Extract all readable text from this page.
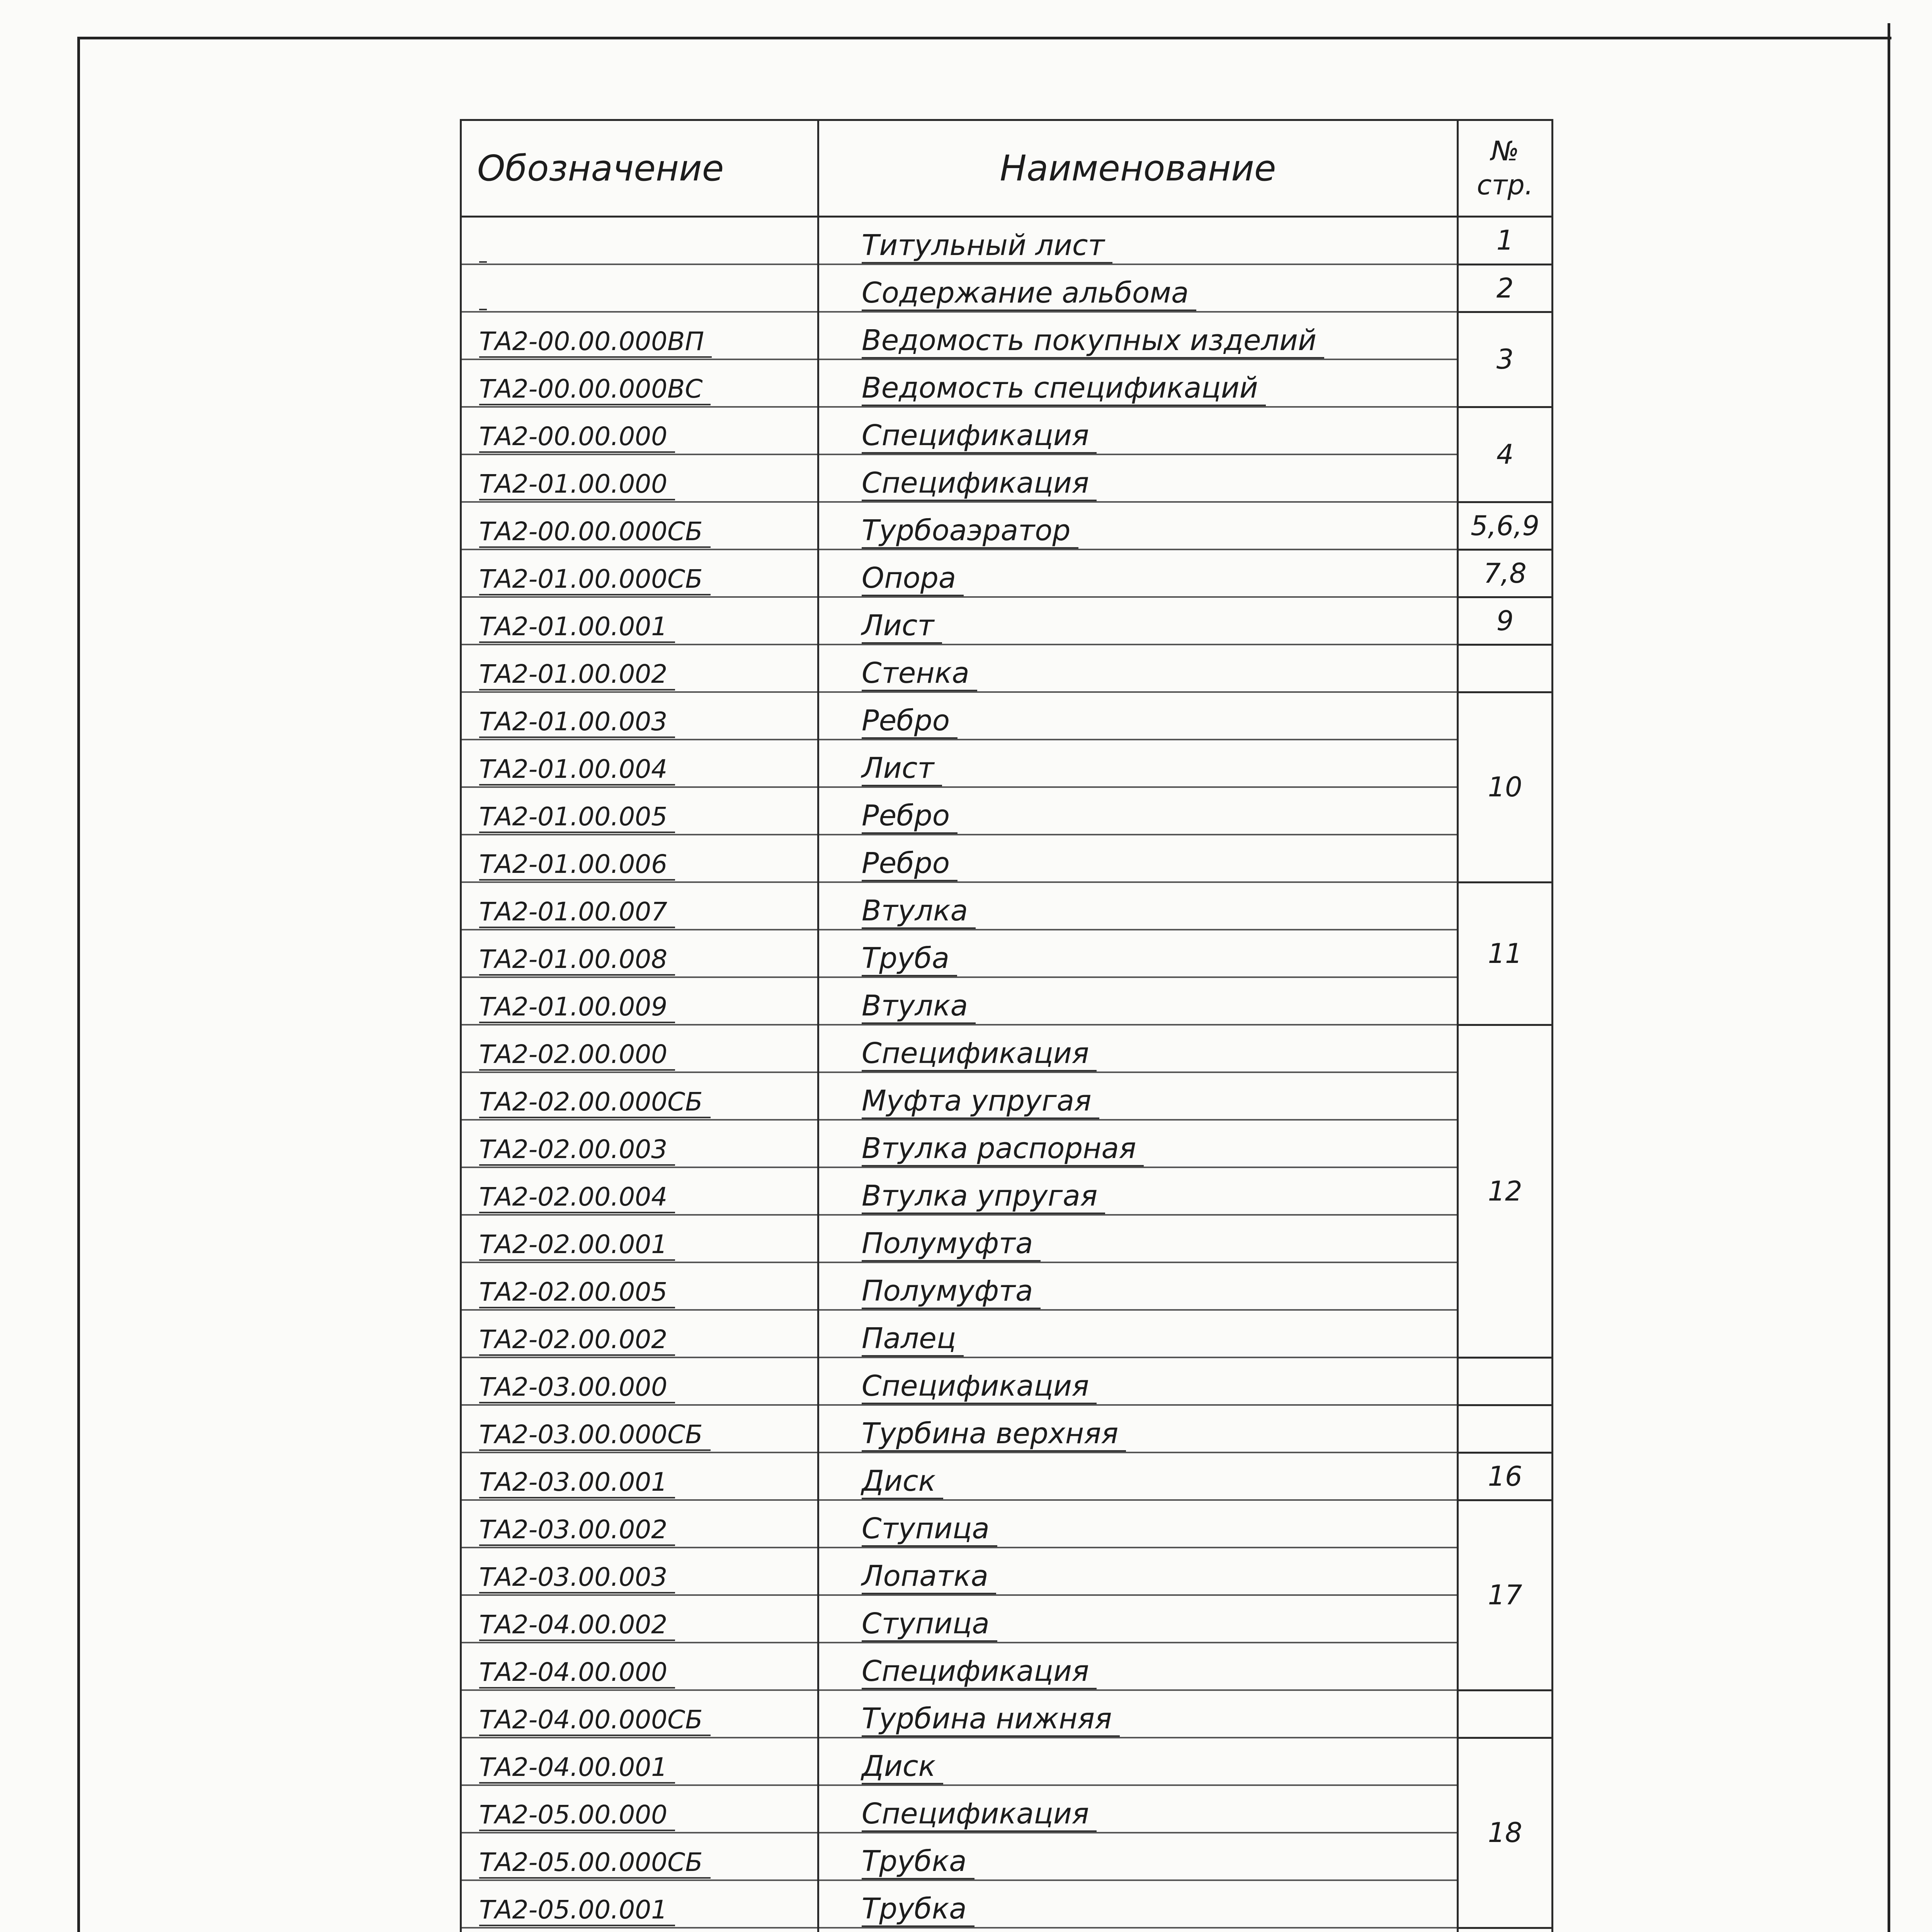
Обозначение	Наименование	№
стр.

	Титульный лист	1
	Содержание альбома	2
ТА2-00.00.000ВП	Ведомость покупных изделий	3
ТА2-00.00.000ВС	Ведомость спецификаций	
ТА2-00.00.000	Спецификация	4
ТА2-01.00.000	Спецификация	
ТА2-00.00.000СБ	Турбоаэратор	5,6,9
ТА2-01.00.000СБ	Опора	7,8
ТА2-01.00.001	Лист	9
ТА2-01.00.002	Стенка	
ТА2-01.00.003	Ребро	10
ТА2-01.00.004	Лист	
ТА2-01.00.005	Ребро	
ТА2-01.00.006	Ребро	
ТА2-01.00.007	Втулка	11
ТА2-01.00.008	Труба	
ТА2-01.00.009	Втулка	
ТА2-02.00.000	Спецификация	12
ТА2-02.00.000СБ	Муфта упругая	
ТА2-02.00.003	Втулка распорная	
ТА2-02.00.004	Втулка упругая	
ТА2-02.00.001	Полумуфта	
ТА2-02.00.005	Полумуфта	
ТА2-02.00.002	Палец	
ТА2-03.00.000	Спецификация	
ТА2-03.00.000СБ	Турбина верхняя	
ТА2-03.00.001	Диск	16
ТА2-03.00.002	Ступица	17
ТА2-03.00.003	Лопатка	
ТА2-04.00.002	Ступица	
ТА2-04.00.000	Спецификация	
ТА2-04.00.000СБ	Турбина нижняя	
ТА2-04.00.001	Диск	18
ТА2-05.00.000	Спецификация	
ТА2-05.00.000СБ	Трубка	
ТА2-05.00.001	Трубка	
